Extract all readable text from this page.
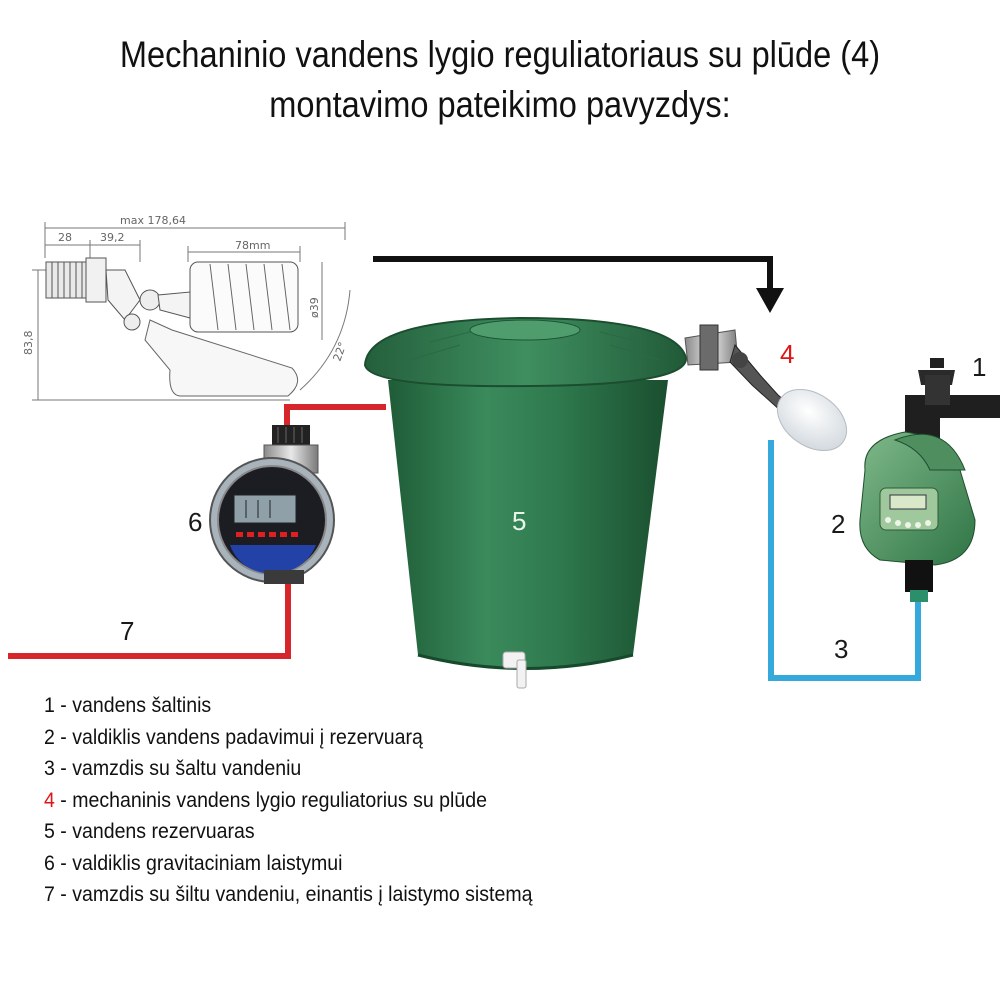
Mechaninio vandens lygio reguliatoriaus su plūde (4)
montavimo pateikimo pavyzdys:
max 178,64
28	39,2
78mm
83,8
ø39
22°
1
2
3
4
5
6
7
1 - vandens šaltinis
2 - valdiklis vandens padavimui į rezervuarą
3 - vamzdis su šaltu vandeniu
4 - mechaninis vandens lygio reguliatorius su plūde
5 - vandens rezervuaras
6 - valdiklis gravitaciniam laistymui
7 - vamzdis su šiltu vandeniu, einantis į laistymo sistemą
